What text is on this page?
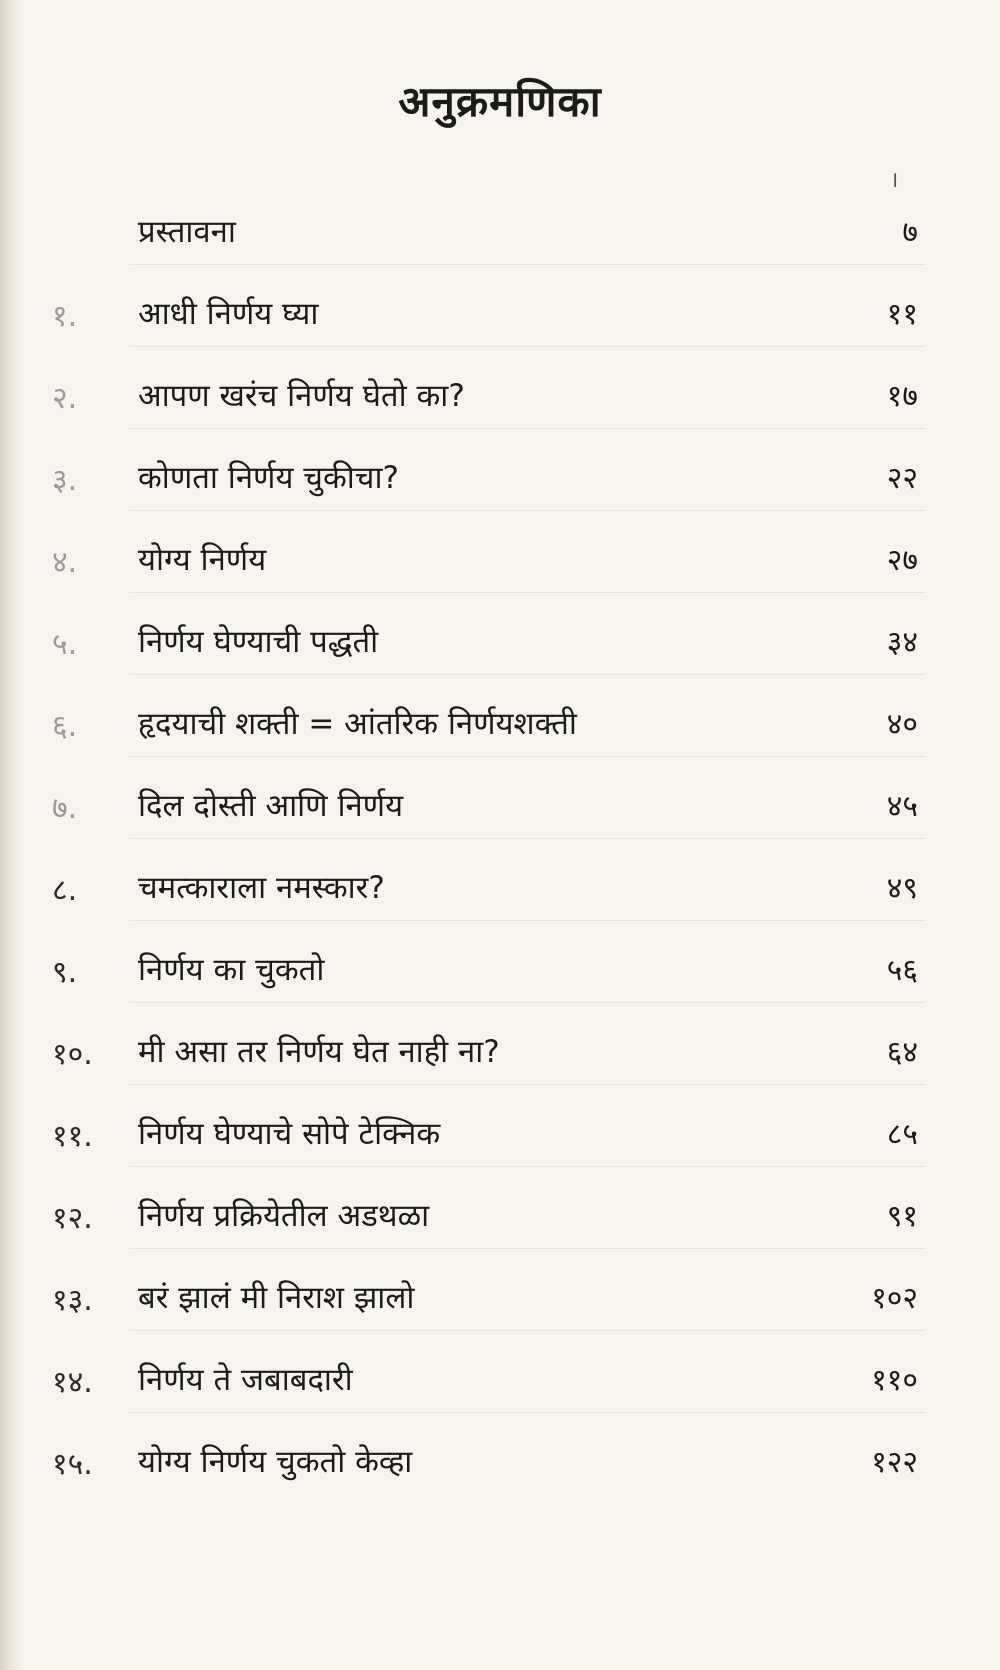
अनुक्रमणिका
।
प्रस्तावना	७
१. आधी निर्णय घ्या	११
२. आपण खरंच निर्णय घेतो का?	१७
३. कोणता निर्णय चुकीचा?	२२
४. योग्य निर्णय	२७
५. निर्णय घेण्याची पद्धती	३४
६. हृदयाची शक्ती = आंतरिक निर्णयशक्ती	४०
७. दिल दोस्ती आणि निर्णय	४५
८. चमत्काराला नमस्कार?	४९
९. निर्णय का चुकतो	५६
१०. मी असा तर निर्णय घेत नाही ना?	६४
११. निर्णय घेण्याचे सोपे टेक्निक	८५
१२. निर्णय प्रक्रियेतील अडथळा	९१
१३. बरं झालं मी निराश झालो	१०२
१४. निर्णय ते जबाबदारी	११०
१५. योग्य निर्णय चुकतो केव्हा	१२२
